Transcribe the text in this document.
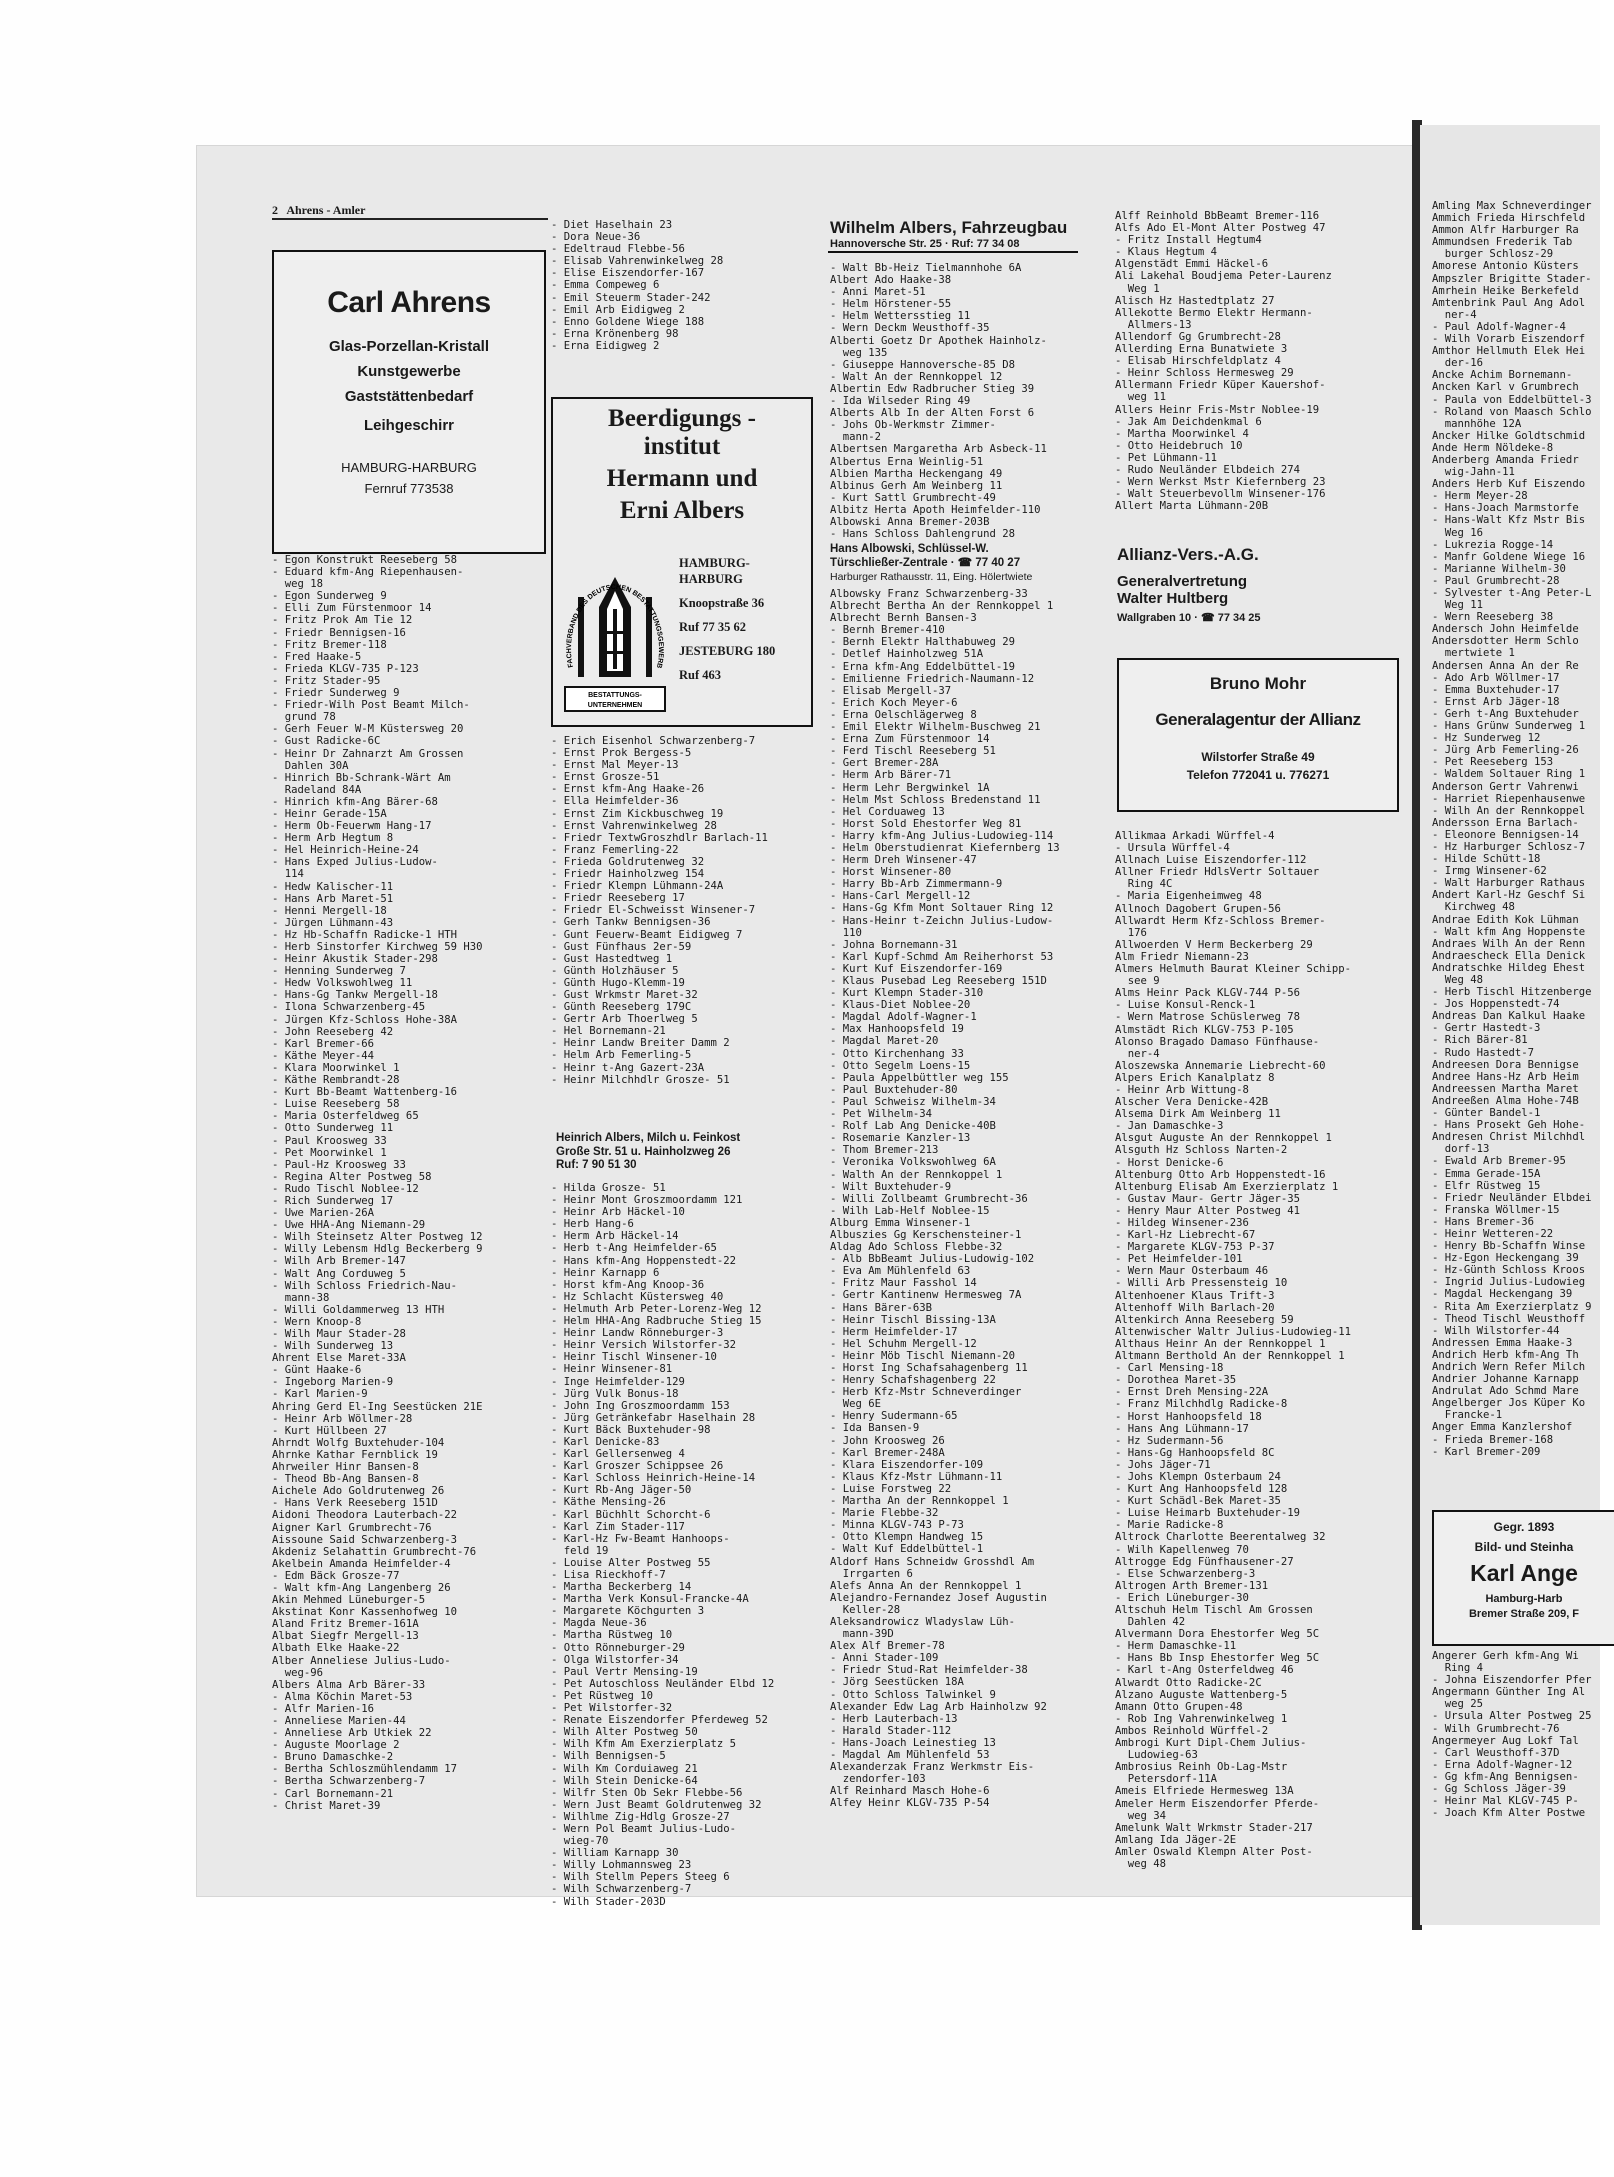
2 Ahrens - Amler
Carl Ahrens
Glas-Porzellan-Kristall
Kunstgewerbe
Gaststättenbedarf
Leihgeschirr
HAMBURG-HARBURG
Fernruf 773538
- Egon Konstrukt Reeseberg 58
- Eduard kfm-Ang Riepenhausen-
weg 18
- Egon Sunderweg 9
- Elli Zum Fürstenmoor 14
- Fritz Prok Am Tie 12
- Friedr Bennigsen-16
- Fritz Bremer-118
- Fred Haake-5
- Frieda KLGV-735 P-123
- Fritz Stader-95
- Friedr Sunderweg 9
- Friedr-Wilh Post Beamt Milch-
grund 78
- Gerh Feuer W-M Küstersweg 20
- Gust Radicke-6C
- Heinr Dr Zahnarzt Am Grossen
Dahlen 30A
- Hinrich Bb-Schrank-Wärt Am
Radeland 84A
- Hinrich kfm-Ang Bärer-68
- Heinr Gerade-15A
- Herm Ob-Feuerwm Hang-17
- Herm Arb Hegtum 8
- Hel Heinrich-Heine-24
- Hans Exped Julius-Ludow-
114
- Hedw Kalischer-11
- Hans Arb Maret-51
- Henni Mergell-18
- Jürgen Lühmann-43
- Hz Hb-Schaffn Radicke-1 HTH
- Herb Sinstorfer Kirchweg 59 H30
- Heinr Akustik Stader-298
- Henning Sunderweg 7
- Hedw Volkswohlweg 11
- Hans-Gg Tankw Mergell-18
- Ilona Schwarzenberg-45
- Jürgen Kfz-Schloss Hohe-38A
- John Reeseberg 42
- Karl Bremer-66
- Käthe Meyer-44
- Klara Moorwinkel 1
- Käthe Rembrandt-28
- Kurt Bb-Beamt Wattenberg-16
- Luise Reeseberg 58
- Maria Osterfeldweg 65
- Otto Sunderweg 11
- Paul Kroosweg 33
- Pet Moorwinkel 1
- Paul-Hz Kroosweg 33
- Regina Alter Postweg 58
- Rudo Tischl Noblee-12
- Rich Sunderweg 17
- Uwe Marien-26A
- Uwe HHA-Ang Niemann-29
- Wilh Steinsetz Alter Postweg 12
- Willy Lebensm Hdlg Beckerberg 9
- Wilh Arb Bremer-147
- Walt Ang Corduweg 5
- Wilh Schloss Friedrich-Nau-
mann-38
- Willi Goldammerweg 13 HTH
- Wern Knoop-8
- Wilh Maur Stader-28
- Wilh Sunderweg 13
Ahrent Else Maret-33A
- Günt Haake-6
- Ingeborg Marien-9
- Karl Marien-9
Ahring Gerd El-Ing Seestücken 21E
- Heinr Arb Wöllmer-28
- Kurt Hüllbeen 27
Ahrndt Wolfg Buxtehuder-104
Ahrnke Kathar Fernblick 19
Ahrweiler Hinr Bansen-8
- Theod Bb-Ang Bansen-8
Aichele Ado Goldrutenweg 26
- Hans Verk Reeseberg 151D
Aidoni Theodora Lauterbach-22
Aigner Karl Grumbrecht-76
Aissoune Said Schwarzenberg-3
Akdeniz Selahattin Grumbrecht-76
Akelbein Amanda Heimfelder-4
- Edm Bäck Grosze-77
- Walt kfm-Ang Langenberg 26
Akin Mehmed Lüneburger-5
Akstinat Konr Kassenhofweg 10
Aland Fritz Bremer-161A
Albat Siegfr Mergell-13
Albath Elke Haake-22
Alber Anneliese Julius-Ludo-
weg-96
Albers Alma Arb Bärer-33
- Alma Köchin Maret-53
- Alfr Marien-16
- Anneliese Marien-44
- Anneliese Arb Utkiek 22
- Auguste Moorlage 2
- Bruno Damaschke-2
- Bertha Schloszmühlendamm 17
- Bertha Schwarzenberg-7
- Carl Bornemann-21
- Christ Maret-39
- Diet Haselhain 23
- Dora Neue-36
- Edeltraud Flebbe-56
- Elisab Vahrenwinkelweg 28
- Elise Eiszendorfer-167
- Emma Compeweg 6
- Emil Steuerm Stader-242
- Emil Arb Eidigweg 2
- Enno Goldene Wiege 188
- Erna Krönenberg 98
- Erna Eidigweg 2
Beerdigungs -
institut
Hermann und
Erni Albers
BESTATTUNGS-
UNTERNEHMEN
FACHVERBAND DES DEUTSCHEN BESTATTUNGSGEWERB
HAMBURG-
HARBURG
Knoopstraße 36
Ruf 77 35 62
JESTEBURG 180
Ruf 463
- Erich Eisenhol Schwarzenberg-7
- Ernst Prok Bergess-5
- Ernst Mal Meyer-13
- Ernst Grosze-51
- Ernst kfm-Ang Haake-26
- Ella Heimfelder-36
- Ernst Zim Kickbuschweg 19
- Ernst Vahrenwinkelweg 28
- Friedr TextwGroszhdlr Barlach-11
- Franz Femerling-22
- Frieda Goldrutenweg 32
- Friedr Hainholzweg 154
- Friedr Klempn Lühmann-24A
- Friedr Reeseberg 17
- Friedr El-Schweisst Winsener-7
- Gerh Tankw Bennigsen-36
- Gunt Feuerw-Beamt Eidigweg 7
- Gust Fünfhaus 2er-59
- Gust Hastedtweg 1
- Günth Holzhäuser 5
- Günth Hugo-Klemm-19
- Gust Wrkmstr Maret-32
- Günth Reeseberg 179C
- Gertr Arb Thoerlweg 5
- Hel Bornemann-21
- Heinr Landw Breiter Damm 2
- Helm Arb Femerling-5
- Heinr t-Ang Gazert-23A
- Heinr Milchhdlr Grosze- 51
Heinrich Albers, Milch u. Feinkost
Große Str. 51 u. Hainholzweg 26
Ruf: 7 90 51 30
- Hilda Grosze- 51
- Heinr Mont Groszmoordamm 121
- Heinr Arb Häckel-10
- Herb Hang-6
- Herm Arb Häckel-14
- Herb t-Ang Heimfelder-65
- Hans kfm-Ang Hoppenstedt-22
- Heinr Karnapp 6
- Horst kfm-Ang Knoop-36
- Hz Schlacht Küstersweg 40
- Helmuth Arb Peter-Lorenz-Weg 12
- Helm HHA-Ang Radbruche Stieg 15
- Heinr Landw Rönneburger-3
- Heinr Versich Wilstorfer-32
- Heinr Tischl Winsener-10
- Heinr Winsener-81
- Inge Heimfelder-129
- Jürg Vulk Bonus-18
- John Ing Groszmoordamm 153
- Jürg Getränkefabr Haselhain 28
- Kurt Bäck Buxtehuder-98
- Karl Denicke-83
- Karl Gellersenweg 4
- Karl Groszer Schippsee 26
- Karl Schloss Heinrich-Heine-14
- Kurt Rb-Ang Jäger-50
- Käthe Mensing-26
- Karl Büchhlt Schorcht-6
- Karl Zim Stader-117
- Karl-Hz Fw-Beamt Hanhoops-
feld 19
- Louise Alter Postweg 55
- Lisa Rieckhoff-7
- Martha Beckerberg 14
- Martha Verk Konsul-Francke-4A
- Margarete Köchgurten 3
- Magda Neue-36
- Martha Rüstweg 10
- Otto Rönneburger-29
- Olga Wilstorfer-34
- Paul Vertr Mensing-19
- Pet Autoschloss Neuländer Elbd 12
- Pet Rüstweg 10
- Pet Wilstorfer-32
- Renate Eiszendorfer Pferdeweg 52
- Wilh Alter Postweg 50
- Wilh Kfm Am Exerzierplatz 5
- Wilh Bennigsen-5
- Wilh Km Corduiaweg 21
- Wilh Stein Denicke-64
- Wilfr Sten Ob Sekr Flebbe-56
- Wern Just Beamt Goldrutenweg 32
- Wilhlme Zig-Hdlg Grosze-27
- Wern Pol Beamt Julius-Ludo-
wieg-70
- William Karnapp 30
- Willy Lohmannsweg 23
- Wilh Stellm Pepers Steeg 6
- Wilh Schwarzenberg-7
- Wilh Stader-203D
Wilhelm Albers, Fahrzeugbau
Hannoversche Str. 25 · Ruf: 77 34 08
- Walt Bb-Heiz Tielmannhohe 6A
Albert Ado Haake-38
- Anni Maret-51
- Helm Hörstener-55
- Helm Wettersstieg 11
- Wern Deckm Weusthoff-35
Alberti Goetz Dr Apothek Hainholz-
weg 135
- Giuseppe Hannoversche-85 D8
- Walt An der Rennkoppel 12
Albertin Edw Radbrucher Stieg 39
- Ida Wilseder Ring 49
Alberts Alb In der Alten Forst 6
- Johs Ob-Werkmstr Zimmer-
mann-2
Albertsen Margaretha Arb Asbeck-11
Albertus Erna Weinlig-51
Albien Martha Heckengang 49
Albinus Gerh Am Weinberg 11
- Kurt Sattl Grumbrecht-49
Albitz Herta Apoth Heimfelder-110
Albowski Anna Bremer-203B
- Hans Schloss Dahlengrund 28
Hans Albowski, Schlüssel-W.
Türschließer-Zentrale · ☎ 77 40 27
Harburger Rathausstr. 11, Eing. Hölertwiete
Albowsky Franz Schwarzenberg-33
Albrecht Bertha An der Rennkoppel 1
Albrecht Bernh Bansen-3
- Bernh Bremer-410
- Bernh Elektr Halthabuweg 29
- Detlef Hainholzweg 51A
- Erna kfm-Ang Eddelbüttel-19
- Emilienne Friedrich-Naumann-12
- Elisab Mergell-37
- Erich Koch Meyer-6
- Erna Oelschlägerweg 8
- Emil Elektr Wilhelm-Buschweg 21
- Erna Zum Fürstenmoor 14
- Ferd Tischl Reeseberg 51
- Gert Bremer-28A
- Herm Arb Bärer-71
- Herm Lehr Bergwinkel 1A
- Helm Mst Schloss Bredenstand 11
- Hel Corduaweg 13
- Horst Sold Ehestorfer Weg 81
- Harry kfm-Ang Julius-Ludowieg-114
- Helm Oberstudienrat Kiefernberg 13
- Herm Dreh Winsener-47
- Horst Winsener-80
- Harry Bb-Arb Zimmermann-9
- Hans-Carl Mergell-12
- Hans-Gg Kfm Mont Soltauer Ring 12
- Hans-Heinr t-Zeichn Julius-Ludow-
110
- Johna Bornemann-31
- Karl Kupf-Schmd Am Reiherhorst 53
- Kurt Kuf Eiszendorfer-169
- Klaus Pusebad Leg Reeseberg 151D
- Kurt Klempn Stader-310
- Klaus-Diet Noblee-20
- Magdal Adolf-Wagner-1
- Max Hanhoopsfeld 19
- Magdal Maret-20
- Otto Kirchenhang 33
- Otto Segelm Loens-15
- Paula Appelbüttler weg 155
- Paul Buxtehuder-80
- Paul Schweisz Wilhelm-34
- Pet Wilhelm-34
- Rolf Lab Ang Denicke-40B
- Rosemarie Kanzler-13
- Thom Bremer-213
- Veronika Volkswohlweg 6A
- Walth An der Rennkoppel 1
- Wilt Buxtehuder-9
- Willi Zollbeamt Grumbrecht-36
- Wilh Lab-Helf Noblee-15
Alburg Emma Winsener-1
Albuszies Gg Kerschensteiner-1
Aldag Ado Schloss Flebbe-32
- Alb BbBeamt Julius-Ludowig-102
- Eva Am Mühlenfeld 63
- Fritz Maur Fasshol 14
- Gertr Kantinenw Hermesweg 7A
- Hans Bärer-63B
- Heinr Tischl Bissing-13A
- Herm Heimfelder-17
- Hel Schuhm Mergell-12
- Heinr Möb Tischl Niemann-20
- Horst Ing Schafsahagenberg 11
- Henry Schafshagenberg 22
- Herb Kfz-Mstr Schneverdinger
Weg 6E
- Henry Sudermann-65
- Ida Bansen-9
- John Kroosweg 26
- Karl Bremer-248A
- Klara Eiszendorfer-109
- Klaus Kfz-Mstr Lühmann-11
- Luise Forstweg 22
- Martha An der Rennkoppel 1
- Marie Flebbe-32
- Minna KLGV-743 P-73
- Otto Klempn Handweg 15
- Walt Kuf Eddelbüttel-1
Aldorf Hans Schneidw Grosshdl Am
Irrgarten 6
Alefs Anna An der Rennkoppel 1
Alejandro-Fernandez Josef Augustin
Keller-28
Aleksandrowicz Wladyslaw Lüh-
mann-39D
Alex Alf Bremer-78
- Anni Stader-109
- Friedr Stud-Rat Heimfelder-38
- Jörg Seestücken 18A
- Otto Schloss Talwinkel 9
Alexander Edw Lag Arb Hainholzw 92
- Herb Lauterbach-13
- Harald Stader-112
- Hans-Joach Leinestieg 13
- Magdal Am Mühlenfeld 53
Alexanderzak Franz Werkmstr Eis-
zendorfer-103
Alf Reinhard Masch Hohe-6
Alfey Heinr KLGV-735 P-54
Alff Reinhold BbBeamt Bremer-116
Alfs Ado El-Mont Alter Postweg 47
- Fritz Install Hegtum4
- Klaus Hegtum 4
Algenstädt Emmi Häckel-6
Ali Lakehal Boudjema Peter-Laurenz
Weg 1
Alisch Hz Hastedtplatz 27
Allekotte Bermo Elektr Hermann-
Allmers-13
Allendorf Gg Grumbrecht-28
Allerding Erna Bunatwiete 3
- Elisab Hirschfeldplatz 4
- Heinr Schloss Hermesweg 29
Allermann Friedr Küper Kauershof-
weg 11
Allers Heinr Fris-Mstr Noblee-19
- Jak Am Deichdenkmal 6
- Martha Moorwinkel 4
- Otto Heidebruch 10
- Pet Lühmann-11
- Rudo Neuländer Elbdeich 274
- Wern Werkst Mstr Kiefernberg 23
- Walt Steuerbevollm Winsener-176
Allert Marta Lühmann-20B
Allianz-Vers.-A.G.
Generalvertretung
Walter Hultberg
Wallgraben 10 · ☎ 77 34 25
Bruno Mohr
Generalagentur der Allianz
Wilstorfer Straße 49
Telefon 772041 u. 776271
Allikmaa Arkadi Würffel-4
- Ursula Würffel-4
Allnach Luise Eiszendorfer-112
Allner Friedr HdlsVertr Soltauer
Ring 4C
- Maria Eigenheimweg 48
Allnoch Dagobert Grupen-56
Allwardt Herm Kfz-Schloss Bremer-
176
Allwoerden V Herm Beckerberg 29
Alm Friedr Niemann-23
Almers Helmuth Baurat Kleiner Schipp-
see 9
Alms Heinr Pack KLGV-744 P-56
- Luise Konsul-Renck-1
- Wern Matrose Schüslerweg 78
Almstädt Rich KLGV-753 P-105
Alonso Bragado Damaso Fünfhause-
ner-4
Aloszewska Annemarie Liebrecht-60
Alpers Erich Kanalplatz 8
- Heinr Arb Wittung-8
Alscher Vera Denicke-42B
Alsema Dirk Am Weinberg 11
- Jan Damaschke-3
Alsgut Auguste An der Rennkoppel 1
Alsguth Hz Schloss Narten-2
- Horst Denicke-6
Altenburg Otto Arb Hoppenstedt-16
Altenburg Elisab Am Exerzierplatz 1
- Gustav Maur- Gertr Jäger-35
- Henry Maur Alter Postweg 41
- Hildeg Winsener-236
- Karl-Hz Liebrecht-67
- Margarete KLGV-753 P-37
- Pet Heimfelder-101
- Wern Maur Osterbaum 46
- Willi Arb Pressensteig 10
Altenhoener Klaus Trift-3
Altenhoff Wilh Barlach-20
Altenkirch Anna Reeseberg 59
Altenwischer Waltr Julius-Ludowieg-11
Althaus Heinr An der Rennkoppel 1
Altmann Berthold An der Rennkoppel 1
- Carl Mensing-18
- Dorothea Maret-35
- Ernst Dreh Mensing-22A
- Franz Milchhdlg Radicke-8
- Horst Hanhoopsfeld 18
- Hans Ang Lühmann-17
- Hz Sudermann-56
- Hans-Gg Hanhoopsfeld 8C
- Johs Jäger-71
- Johs Klempn Osterbaum 24
- Kurt Ang Hanhoopsfeld 128
- Kurt Schädl-Bek Maret-35
- Luise Heimarb Buxtehuder-19
- Marie Radicke-8
Altrock Charlotte Beerentalweg 32
- Wilh Kapellenweg 70
Altrogge Edg Fünfhausener-27
- Else Schwarzenberg-3
Altrogen Arth Bremer-131
- Erich Lüneburger-30
Altschuh Helm Tischl Am Grossen
Dahlen 42
Alvermann Dora Ehestorfer Weg 5C
- Herm Damaschke-11
- Hans Bb Insp Ehestorfer Weg 5C
- Karl t-Ang Osterfeldweg 46
Alwardt Otto Radicke-2C
Alzano Auguste Wattenberg-5
Amann Otto Grupen-48
- Rob Ing Vahrenwinkelweg 1
Ambos Reinhold Würffel-2
Ambrogi Kurt Dipl-Chem Julius-
Ludowieg-63
Ambrosius Reinh Ob-Lag-Mstr
Petersdorf-11A
Ameis Elfriede Hermesweg 13A
Ameler Herm Eiszendorfer Pferde-
weg 34
Amelunk Walt Wrkmstr Stader-217
Amlang Ida Jäger-2E
Amler Oswald Klempn Alter Post-
weg 48
Amling Max Schneverdinger
Ammich Frieda Hirschfeld
Ammon Alfr Harburger Ra
Ammundsen Frederik Tab
burger Schlosz-29
Amorese Antonio Küsters
Ampszler Brigitte Stader-
Amrhein Heike Berkefeld
Amtenbrink Paul Ang Adol
ner-4
- Paul Adolf-Wagner-4
- Wilh Vorarb Eiszendorf
Amthor Hellmuth Elek Hei
der-16
Ancke Achim Bornemann-
Ancken Karl v Grumbrech
- Paula von Eddelbüttel-3
- Roland von Maasch Schlo
mannhöhe 12A
Ancker Hilke Goldtschmid
Ande Herm Nöldeke-8
Anderberg Amanda Friedr
wig-Jahn-11
Anders Herb Kuf Eiszendo
- Herm Meyer-28
- Hans-Joach Marmstorfe
- Hans-Walt Kfz Mstr Bis
Weg 16
- Lukrezia Rogge-14
- Manfr Goldene Wiege 16
- Marianne Wilhelm-30
- Paul Grumbrecht-28
- Sylvester t-Ang Peter-L
Weg 11
- Wern Reeseberg 38
Andersch John Heimfelde
Andersdotter Herm Schlo
mertwiete 1
Andersen Anna An der Re
- Ado Arb Wöllmer-17
- Emma Buxtehuder-17
- Ernst Arb Jäger-18
- Gerh t-Ang Buxtehuder
- Hans Grünw Sunderweg 1
- Hz Sunderweg 12
- Jürg Arb Femerling-26
- Pet Reeseberg 153
- Waldem Soltauer Ring 1
Anderson Gertr Vahrenwi
- Harriet Riepenhausenwe
- Wilh An der Rennkoppel
Andersson Erna Barlach-
- Eleonore Bennigsen-14
- Hz Harburger Schlosz-7
- Hilde Schütt-18
- Irmg Winsener-62
- Walt Harburger Rathaus
Andert Karl-Hz Geschf Si
Kirchweg 48
Andrae Edith Kok Lühman
- Walt kfm Ang Hoppenste
Andraes Wilh An der Renn
Andraescheck Ella Denick
Andratschke Hildeg Ehest
Weg 48
- Herb Tischl Hitzenberge
- Jos Hoppenstedt-74
Andreas Dan Kalkul Haake
- Gertr Hastedt-3
- Rich Bärer-81
- Rudo Hastedt-7
Andreesen Dora Bennigse
Andree Hans-Hz Arb Heim
Andreessen Martha Maret
Andreeßen Alma Hohe-74B
- Günter Bandel-1
- Hans Prosekt Geh Hohe-
Andresen Christ Milchhdl
dorf-13
- Ewald Arb Bremer-95
- Emma Gerade-15A
- Elfr Rüstweg 15
- Friedr Neuländer Elbdei
- Franska Wöllmer-15
- Hans Bremer-36
- Heinr Wetteren-22
- Henry Bb-Schaffn Winse
- Hz-Egon Heckengang 39
- Hz-Günth Schloss Kroos
- Ingrid Julius-Ludowieg
- Magdal Heckengang 39
- Rita Am Exerzierplatz 9
- Theod Tischl Weusthoff
- Wilh Wilstorfer-44
Andressen Emma Haake-3
Andrich Herb kfm-Ang Th
Andrich Wern Refer Milch
Andrier Johanne Karnapp
Andrulat Ado Schmd Mare
Angelberger Jos Küper Ko
Francke-1
Anger Emma Kanzlershof
- Frieda Bremer-168
- Karl Bremer-209
Gegr. 1893
Bild- und Steinha
Karl Ange
Hamburg-Harb
Bremer Straße 209, F
Angerer Gerh kfm-Ang Wi
Ring 4
- Johna Eiszendorfer Pfer
Angermann Günther Ing Al
weg 25
- Ursula Alter Postweg 25
- Wilh Grumbrecht-76
Angermeyer Aug Lokf Tal
- Carl Weusthoff-37D
- Erna Adolf-Wagner-12
- Gg kfm-Ang Bennigsen-
- Gg Schloss Jäger-39
- Heinr Mal KLGV-745 P-
- Joach Kfm Alter Postwe
